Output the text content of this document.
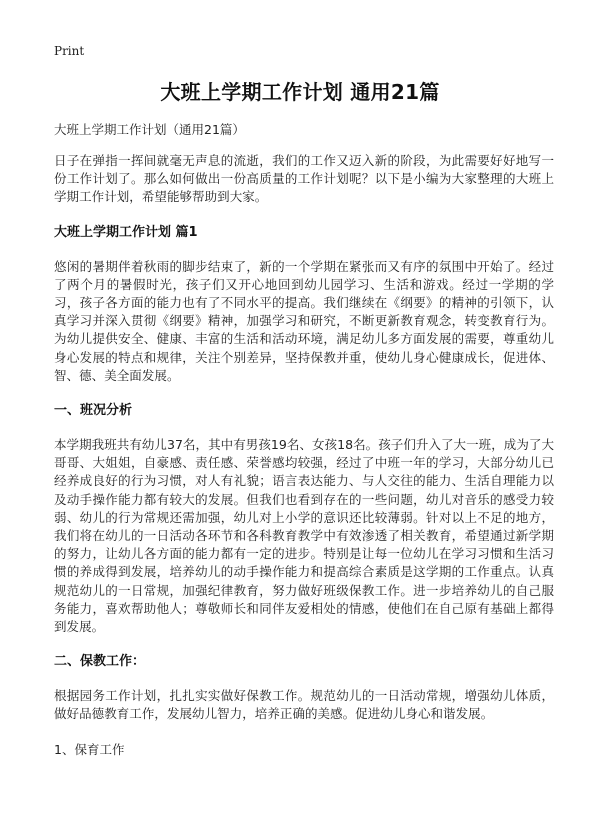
Print
大班上学期工作计划 通用21篇

大班上学期工作计划（通用21篇）

日子在弹指一挥间就毫无声息的流逝，我们的工作又迈入新的阶段，为此需要好好地写一份工作计划了。那么如何做出一份高质量的工作计划呢？以下是小编为大家整理的大班上学期工作计划，希望能够帮助到大家。

大班上学期工作计划 篇1

悠闲的暑期伴着秋雨的脚步结束了，新的一个学期在紧张而又有序的氛围中开始了。经过了两个月的暑假时光，孩子们又开心地回到幼儿园学习、生活和游戏。经过一学期的学习，孩子各方面的能力也有了不同水平的提高。我们继续在《纲要》的精神的引领下，认真学习并深入贯彻《纲要》精神，加强学习和研究，不断更新教育观念，转变教育行为。为幼儿提供安全、健康、丰富的生活和活动环境，满足幼儿多方面发展的需要，尊重幼儿身心发展的特点和规律，关注个别差异，坚持保教并重，使幼儿身心健康成长，促进体、智、德、美全面发展。

一、班况分析

本学期我班共有幼儿37名，其中有男孩19名、女孩18名。孩子们升入了大一班，成为了大哥哥、大姐姐，自豪感、责任感、荣誉感均较强，经过了中班一年的学习，大部分幼儿已经养成良好的行为习惯，对人有礼貌；语言表达能力、与人交往的能力、生活自理能力以及动手操作能力都有较大的发展。但我们也看到存在的一些问题，幼儿对音乐的感受力较弱、幼儿的行为常规还需加强，幼儿对上小学的意识还比较薄弱。针对以上不足的地方，我们将在幼儿的一日活动各环节和各科教育教学中有效渗透了相关教育，希望通过新学期的努力，让幼儿各方面的能力都有一定的进步。特别是让每一位幼儿在学习习惯和生活习惯的养成得到发展，培养幼儿的动手操作能力和提高综合素质是这学期的工作重点。认真规范幼儿的一日常规，加强纪律教育，努力做好班级保教工作。进一步培养幼儿的自己服务能力，喜欢帮助他人；尊敬师长和同伴友爱相处的情感，使他们在自己原有基础上都得到发展。

二、保教工作：

根据园务工作计划，扎扎实实做好保教工作。规范幼儿的一日活动常规，增强幼儿体质，做好品德教育工作，发展幼儿智力，培养正确的美感。促进幼儿身心和谐发展。

1、保育工作
